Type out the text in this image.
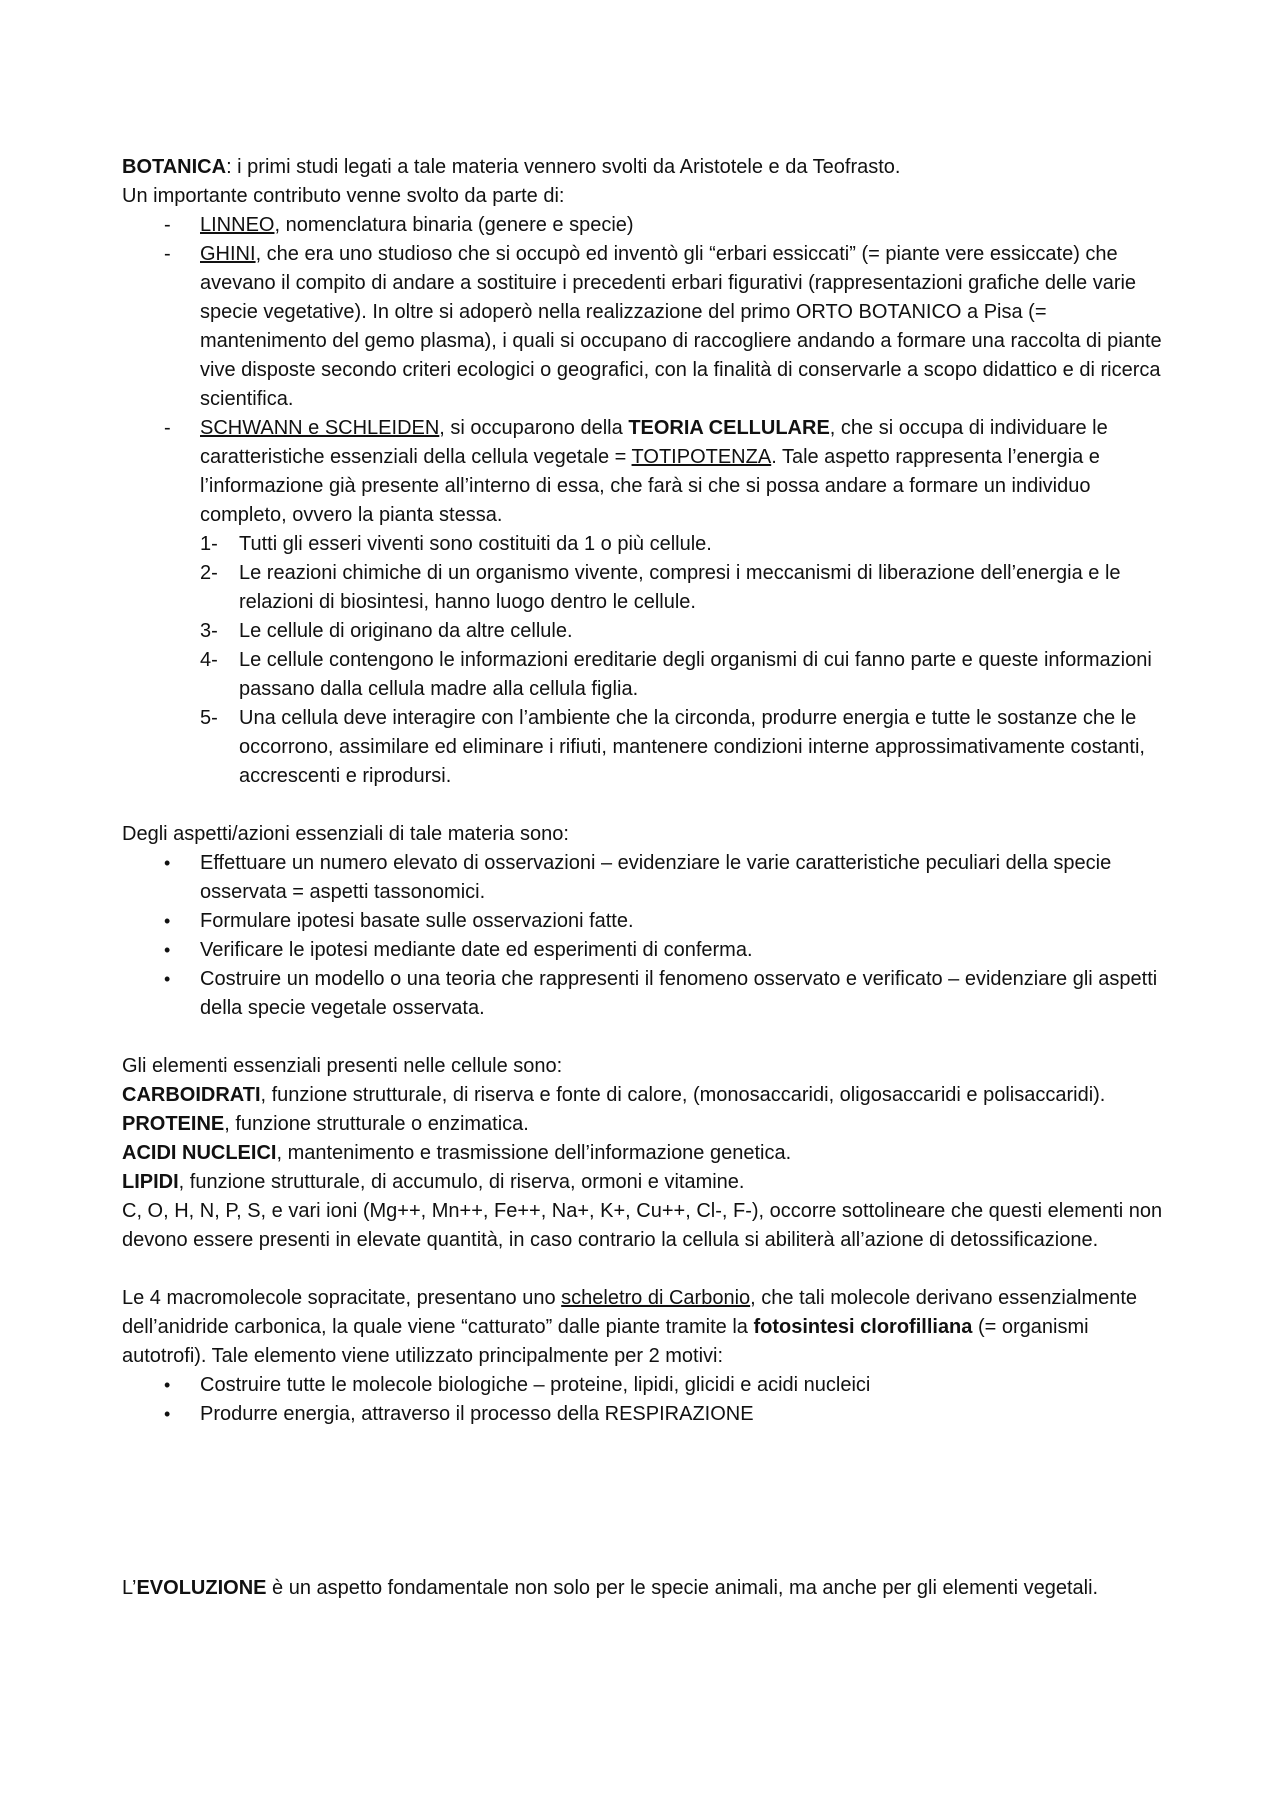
BOTANICA: i primi studi legati a tale materia vennero svolti da Aristotele e da Teofrasto.

Un importante contributo venne svolto da parte di:

- LINNEO, nomenclatura binaria (genere e specie)
- GHINI, che era uno studioso che si occupò ed inventò gli “erbari essiccati” (= piante vere essiccate) che avevano il compito di andare a sostituire i precedenti erbari figurativi (rappresentazioni grafiche delle varie specie vegetative). In oltre si adoperò nella realizzazione del primo ORTO BOTANICO a Pisa (= mantenimento del gemo plasma), i quali si occupano di raccogliere andando a formare una raccolta di piante vive disposte secondo criteri ecologici o geografici, con la finalità di conservarle a scopo didattico e di ricerca scientifica.
- SCHWANN e SCHLEIDEN, si occuparono della TEORIA CELLULARE, che si occupa di individuare le caratteristiche essenziali della cellula vegetale = TOTIPOTENZA. Tale aspetto rappresenta l’energia e l’informazione già presente all’interno di essa, che farà si che si possa andare a formare un individuo completo, ovvero la pianta stessa.
1- Tutti gli esseri viventi sono costituiti da 1 o più cellule.
2- Le reazioni chimiche di un organismo vivente, compresi i meccanismi di liberazione dell’energia e le relazioni di biosintesi, hanno luogo dentro le cellule.
3- Le cellule di originano da altre cellule.
4- Le cellule contengono le informazioni ereditarie degli organismi di cui fanno parte e queste informazioni passano dalla cellula madre alla cellula figlia.
5- Una cellula deve interagire con l’ambiente che la circonda, produrre energia e tutte le sostanze che le occorrono, assimilare ed eliminare i rifiuti, mantenere condizioni interne approssimativamente costanti, accrescenti e riprodursi.

Degli aspetti/azioni essenziali di tale materia sono:

• Effettuare un numero elevato di osservazioni – evidenziare le varie caratteristiche peculiari della specie osservata = aspetti tassonomici.
• Formulare ipotesi basate sulle osservazioni fatte.
• Verificare le ipotesi mediante date ed esperimenti di conferma.
• Costruire un modello o una teoria che rappresenti il fenomeno osservato e verificato – evidenziare gli aspetti della specie vegetale osservata.

Gli elementi essenziali presenti nelle cellule sono:

CARBOIDRATI, funzione strutturale, di riserva e fonte di calore, (monosaccaridi, oligosaccaridi e polisaccaridi).

PROTEINE, funzione strutturale o enzimatica.

ACIDI NUCLEICI, mantenimento e trasmissione dell’informazione genetica.

LIPIDI, funzione strutturale, di accumulo, di riserva, ormoni e vitamine.

C, O, H, N, P, S, e vari ioni (Mg++, Mn++, Fe++, Na+, K+, Cu++, Cl-, F-), occorre sottolineare che questi elementi non devono essere presenti in elevate quantità, in caso contrario la cellula si abiliterà all’azione di detossificazione.

Le 4 macromolecole sopracitate, presentano uno scheletro di Carbonio, che tali molecole derivano essenzialmente dell’anidride carbonica, la quale viene “catturato” dalle piante tramite la fotosintesi clorofilliana (= organismi autotrofi). Tale elemento viene utilizzato principalmente per 2 motivi:

• Costruire tutte le molecole biologiche – proteine, lipidi, glicidi e acidi nucleici
• Produrre energia, attraverso il processo della RESPIRAZIONE

L’EVOLUZIONE è un aspetto fondamentale non solo per le specie animali, ma anche per gli elementi vegetali.
